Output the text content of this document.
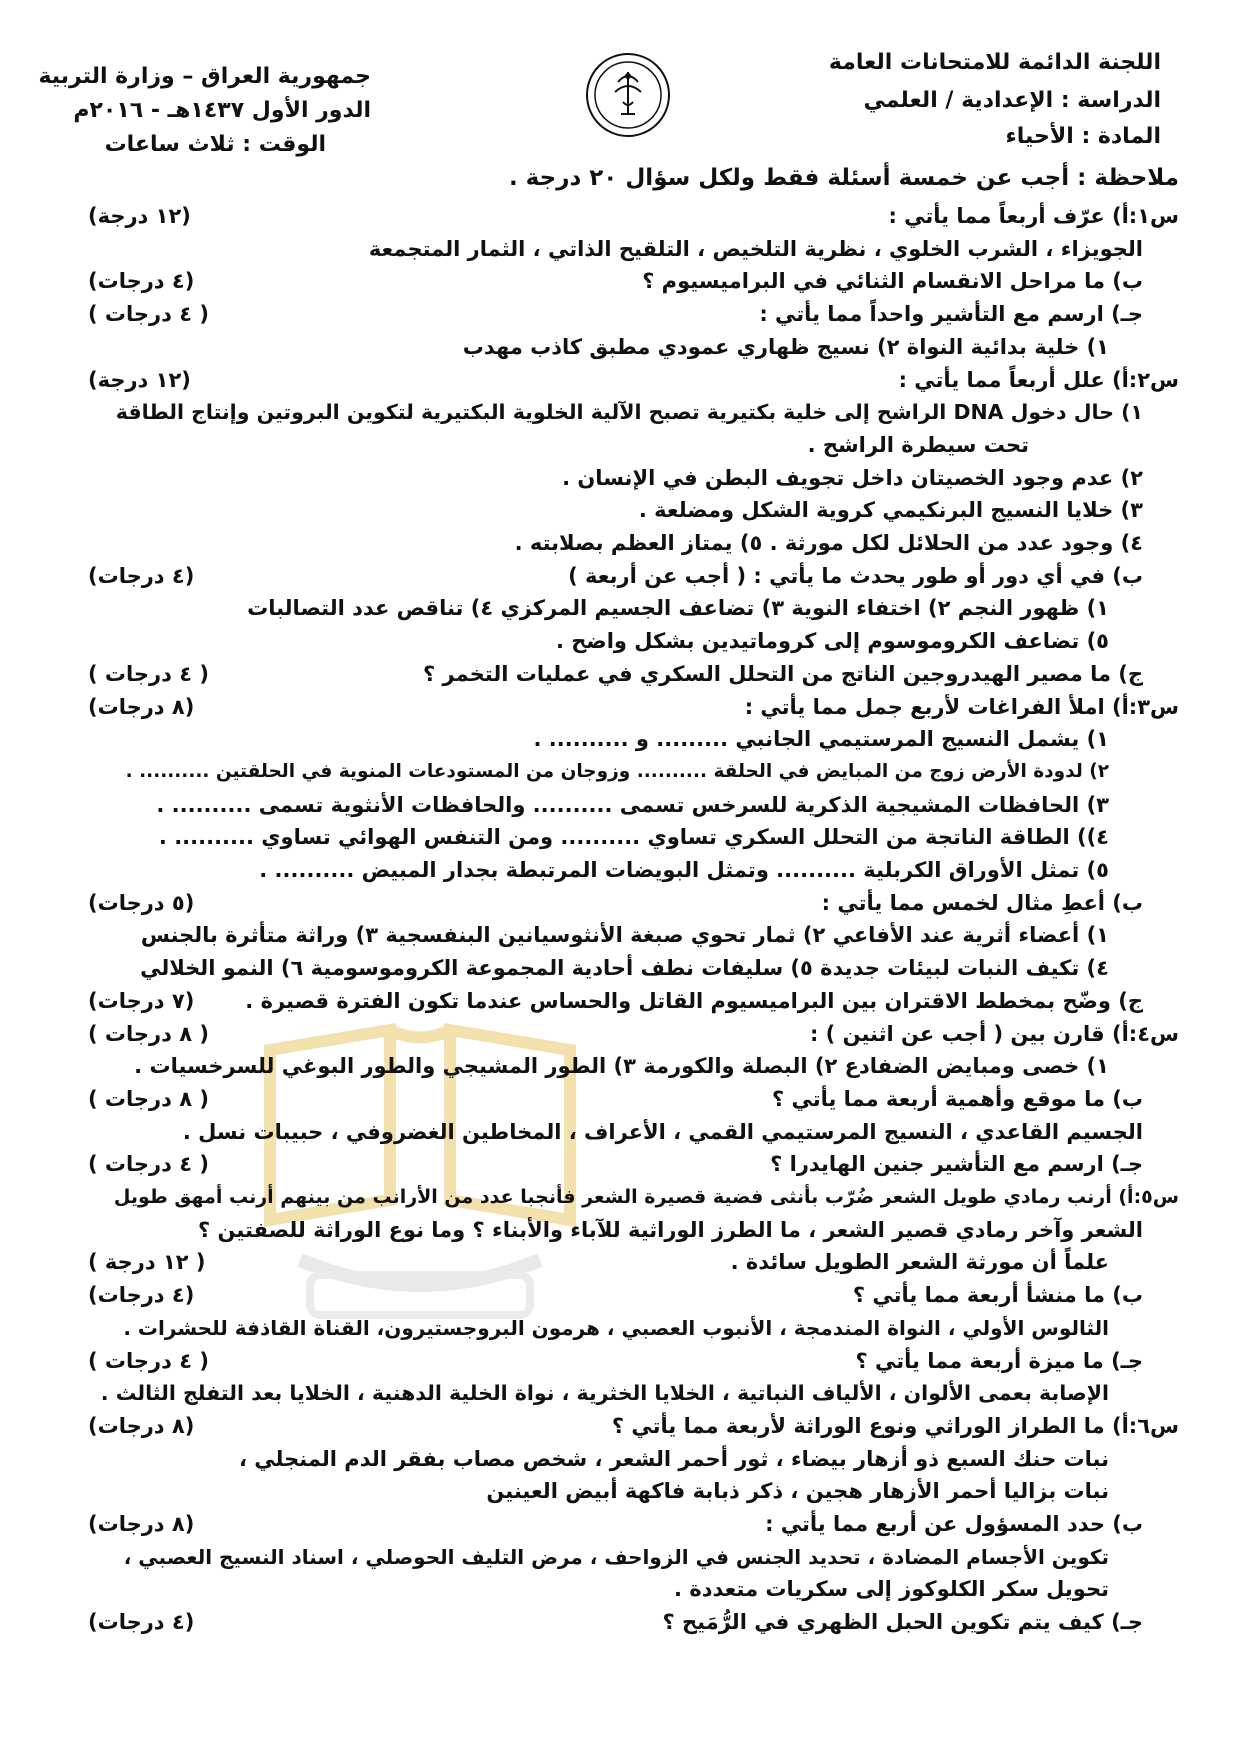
اللجنة الدائمة للامتحانات العامة
الدراسة : الإعدادية / العلمي
المادة : الأحياء
جمهورية العراق – وزارة التربية
الدور الأول ١٤٣٧هـ - ٢٠١٦م
الوقت : ثلاث ساعات
ملاحظة : أجب عن خمسة أسئلة فقط ولكل سؤال ٢٠ درجة .
س١:أ) عرّف أربعاً مما يأتي :
(١٢ درجة)
الجويزاء ، الشرب الخلوي ، نظرية التلخيص ، التلقيح الذاتي ، الثمار المتجمعة
ب) ما مراحل الانقسام الثنائي في البراميسيوم ؟
(٤ درجات)
جـ) ارسم مع التأشير واحداً مما يأتي :
( ٤ درجات )
١) خلية بدائية النواة ٢) نسيج ظهاري عمودي مطبق كاذب مهدب
س٢:أ) علل أربعاً مما يأتي :
(١٢ درجة)
١) حال دخول DNA الراشح إلى خلية بكتيرية تصبح الآلية الخلوية البكتيرية لتكوين البروتين وإنتاج الطاقة
تحت سيطرة الراشح .
٢) عدم وجود الخصيتان داخل تجويف البطن في الإنسان .
٣) خلايا النسيج البرنكيمي كروية الشكل ومضلعة .
٤) وجود عدد من الحلائل لكل مورثة . ٥) يمتاز العظم بصلابته .
ب) في أي دور أو طور يحدث ما يأتي : ( أجب عن أربعة )
(٤ درجات)
١) ظهور النجم ٢) اختفاء النوية ٣) تضاعف الجسيم المركزي ٤) تناقص عدد التصالبات
٥) تضاعف الكروموسوم إلى كروماتيدين بشكل واضح .
ج) ما مصير الهيدروجين الناتج من التحلل السكري في عمليات التخمر ؟
( ٤ درجات )
س٣:أ) املأ الفراغات لأربع جمل مما يأتي :
(٨ درجات)
١) يشمل النسيج المرستيمي الجانبي ......... و .......... .
٢) لدودة الأرض زوج من المبايض في الحلقة .......... وزوجان من المستودعات المنوية في الحلقتين .......... .
٣) الحافظات المشيجية الذكرية للسرخس تسمى .......... والحافظات الأنثوية تسمى .......... .
٤)) الطاقة الناتجة من التحلل السكري تساوي .......... ومن التنفس الهوائي تساوي .......... .
٥) تمثل الأوراق الكربلية .......... وتمثل البويضات المرتبطة بجدار المبيض .......... .
ب) أعطِ مثال لخمس مما يأتي :
(٥ درجات)
١) أعضاء أثرية عند الأفاعي ٢) ثمار تحوي صبغة الأنثوسيانين البنفسجية ٣) وراثة متأثرة بالجنس
٤) تكيف النبات لبيئات جديدة ٥) سليفات نطف أحادية المجموعة الكروموسومية ٦) النمو الخلالي
ج) وضّح بمخطط الاقتران بين البراميسيوم القاتل والحساس عندما تكون الفترة قصيرة .
(٧ درجات)
س٤:أ) قارن بين ( أجب عن اثنين ) :
( ٨ درجات )
١) خصى ومبايض الضفادع ٢) البصلة والكورمة ٣) الطور المشيجي والطور البوغي للسرخسيات .
ب) ما موقع وأهمية أربعة مما يأتي ؟
( ٨ درجات )
الجسيم القاعدي ، النسيج المرستيمي القمي ، الأعراف ، المخاطين الغضروفي ، حبيبات نسل .
جـ) ارسم مع التأشير جنين الهايدرا ؟
( ٤ درجات )
س٥:أ) أرنب رمادي طويل الشعر ضُرّب بأنثى فضية قصيرة الشعر فأنجبا عدد من الأرانب من بينهم أرنب أمهق طويل
الشعر وآخر رمادي قصير الشعر ، ما الطرز الوراثية للآباء والأبناء ؟ وما نوع الوراثة للصفتين ؟
علماً أن مورثة الشعر الطويل سائدة .
( ١٢ درجة )
ب) ما منشأ أربعة مما يأتي ؟
(٤ درجات)
الثالوس الأولي ، النواة المندمجة ، الأنبوب العصبي ، هرمون البروجستيرون، القناة القاذفة للحشرات .
جـ) ما ميزة أربعة مما يأتي ؟
( ٤ درجات )
الإصابة بعمى الألوان ، الألياف النباتية ، الخلايا الخثرية ، نواة الخلية الدهنية ، الخلايا بعد التفلج الثالث .
س٦:أ) ما الطراز الوراثي ونوع الوراثة لأربعة مما يأتي ؟
(٨ درجات)
نبات حنك السبع ذو أزهار بيضاء ، ثور أحمر الشعر ، شخص مصاب بفقر الدم المنجلي ،
نبات بزاليا أحمر الأزهار هجين ، ذكر ذبابة فاكهة أبيض العينين
ب) حدد المسؤول عن أربع مما يأتي :
(٨ درجات)
تكوين الأجسام المضادة ، تحديد الجنس في الزواحف ، مرض التليف الحوصلي ، اسناد النسيج العصبي ،
تحويل سكر الكلوكوز إلى سكريات متعددة .
جـ) كيف يتم تكوين الحبل الظهري في الرُّمَيح ؟
(٤ درجات)
